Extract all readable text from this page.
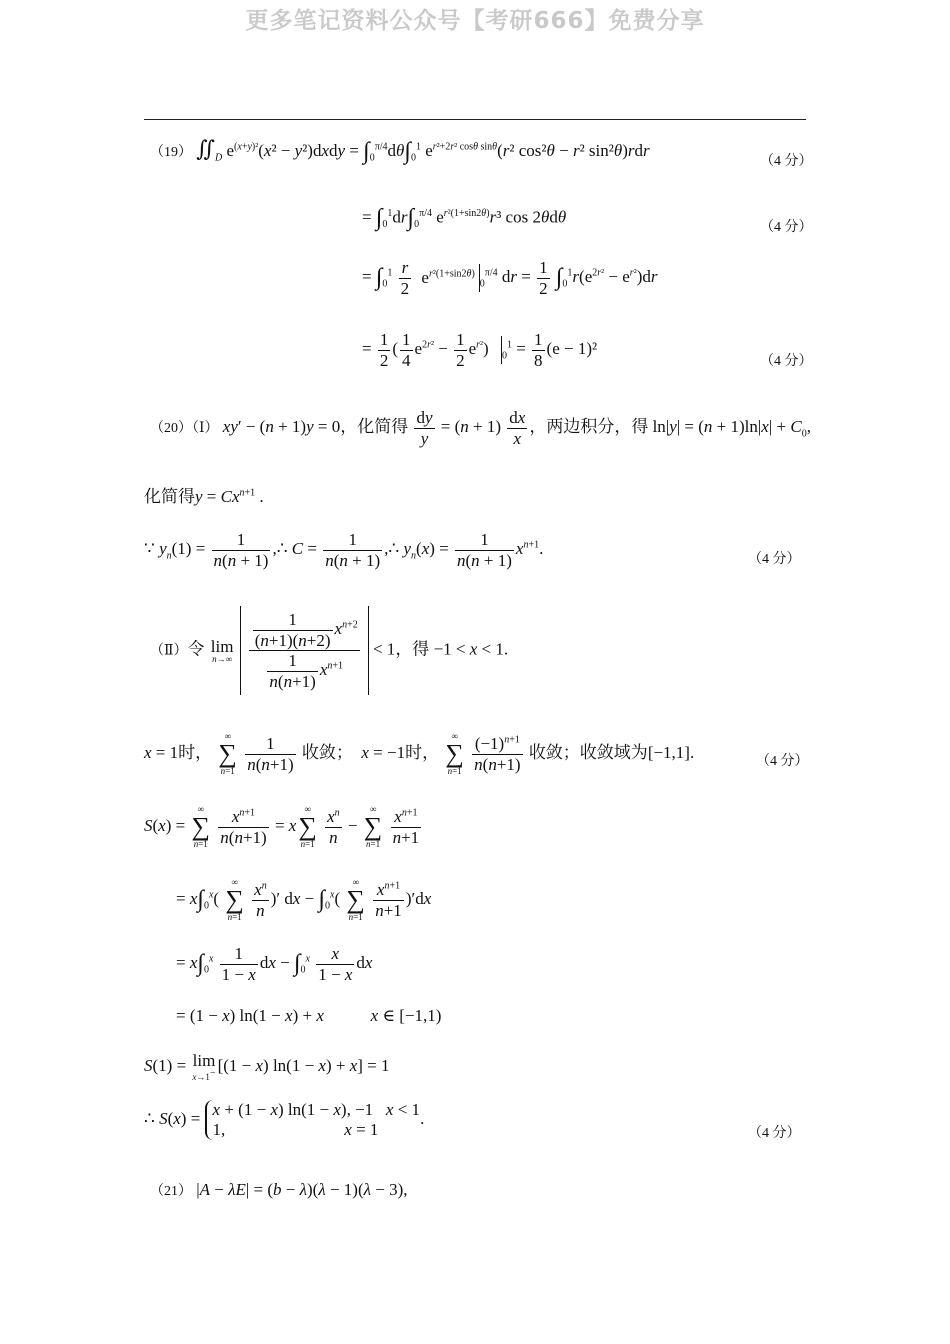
更多笔记资料公众号【考研666】免费分享
（19） $∬_D$ $e^{(x+y)^2}(x^2$ − y²)dxdy = $\int_0^{\pi/4}d\theta\int_0^1$ $e^{r^2+2r^2 cos\theta sin\theta}(r^2$ cos²θ − r² sin²θ)rdr
（4 分）
= $\int_0^1dr\int_0^{\pi/4}$ $e^{r^2(1+sin2\theta)}r^3$ cos 2θdθ
（4 分）
= $\int_0^1 \frac{r}{2} e^{r^2(1+sin2\theta)}_0^{\pi/4}$ dr = $\frac{1}{2} \int_0^1r(e^{2r^2} - e^{r^2})dr$
= $\frac{1}{2}$ ( $\frac{1}{4} e^{2r^2} - \frac{1}{2} e^{r^2}$) $_0^1 = \frac{1}{8} (e - 1)^2$
（4 分）
（20）（Ⅰ） xy′ − (n + 1)y = 0，化简得 $\frac{dy}{y} = (n + 1) \frac{dx}{x}$ ，两边积分，得 $\ln|y| = (n + 1)\ln|x| + C_0$,
化简得$y = Cx^{n+1}$ .
∵ $y_n(1) = \frac{1}{n(n + 1)}$ ,∴ $C = \frac{1}{n(n + 1)}$ ,∴ $y_n(x) = \frac{1}{n(n + 1)} x^{n+1}$.
（4 分）
（Ⅱ）令 lim
n→∞
$\frac{\frac{1}{(n+1)(n+2)} x^{n+2}}{\frac{1}{n(n+1)} x^{n+1}} < 1$，得 −1 < x < 1.
x = 1时，
∞
∑
n=1
$\frac{1}{n(n+1)}$ 收敛； x = −1时，
∞
∑
n=1
$\frac{(-1)^{n+1}}{n(n+1)}$ 收敛；收敛域为[−1,1].	（4 分）
S(x) =
∞
∑
n=1
$\frac{x^{n+1}}{n(n+1)} = x$
∞
∑
n=1
$\frac{x^n}{n}$ −
∞
∑
n=1
$\frac{x^{n+1}}{n+1}$
= $x\int_0^x$(
∞
∑
n=1
$\frac{x^n}{n}$ )′ dx − $\int_0^x$(
∞
∑
n=1
$\frac{x^{n+1}}{n+1} )'dx$
= $x\int_0^x \frac{1}{1 - x}$ dx − $\int_0^x \frac{x}{1 - x}$ dx
= (1 − x) ln(1 − x) + x	x ∈ [−1,1)
S(1) = lim
x→1− [(1 − x) ln(1 − x) + x] = 1
∴ S(x) = x + (1 − x) ln(1 − x), −1   x < 1
1,                            x = 1
.
（4 分）
（21） |A − λE| = (b − λ)(λ − 1)(λ − 3),
